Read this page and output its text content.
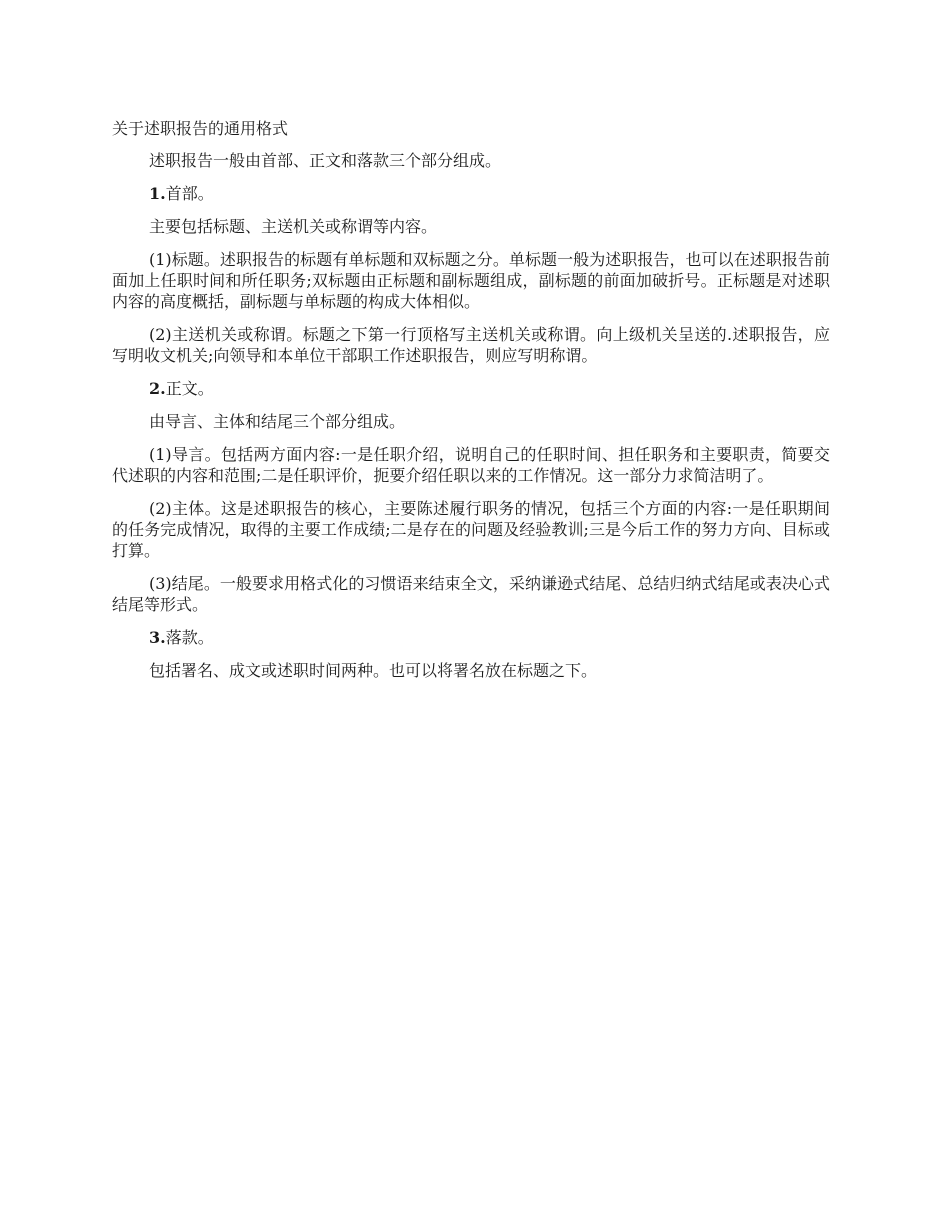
关于述职报告的通用格式

述职报告一般由首部、正文和落款三个部分组成。

1.首部。

主要包括标题、主送机关或称谓等内容。

(1)标题。述职报告的标题有单标题和双标题之分。单标题一般为述职报告，也可以在述职报告前面加上任职时间和所任职务;双标题由正标题和副标题组成，副标题的前面加破折号。正标题是对述职内容的高度概括，副标题与单标题的构成大体相似。

(2)主送机关或称谓。标题之下第一行顶格写主送机关或称谓。向上级机关呈送的.述职报告，应写明收文机关;向领导和本单位干部职工作述职报告，则应写明称谓。

2.正文。

由导言、主体和结尾三个部分组成。

(1)导言。包括两方面内容:一是任职介绍，说明自己的任职时间、担任职务和主要职责，简要交代述职的内容和范围;二是任职评价，扼要介绍任职以来的工作情况。这一部分力求简洁明了。

(2)主体。这是述职报告的核心，主要陈述履行职务的情况，包括三个方面的内容:一是任职期间的任务完成情况，取得的主要工作成绩;二是存在的问题及经验教训;三是今后工作的努力方向、目标或打算。

(3)结尾。一般要求用格式化的习惯语来结束全文，采纳谦逊式结尾、总结归纳式结尾或表决心式结尾等形式。

3.落款。

包括署名、成文或述职时间两种。也可以将署名放在标题之下。
